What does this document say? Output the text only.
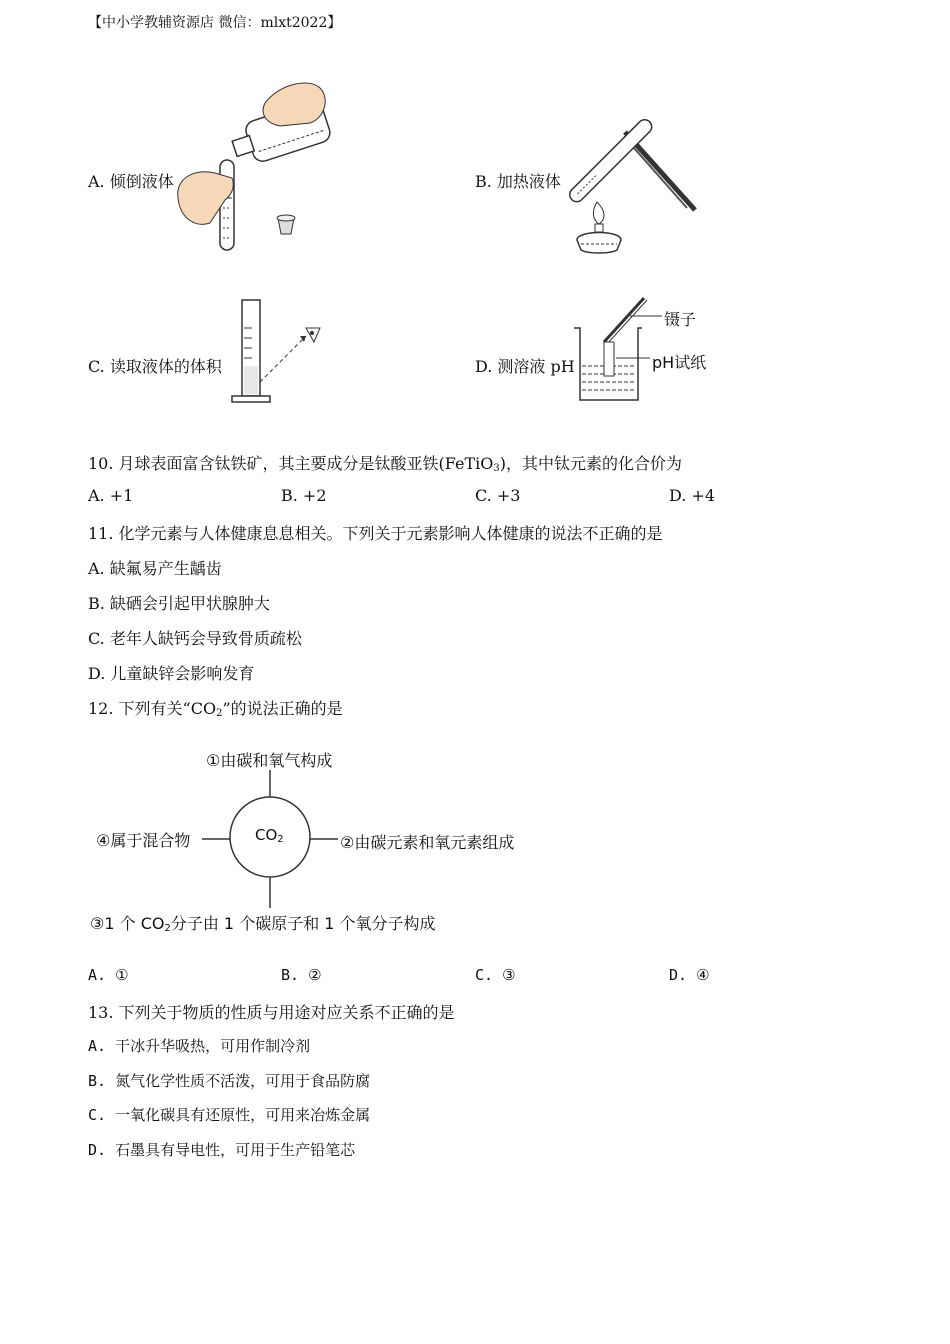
【中小学教辅资源店 微信：mlxt2022】
A. 倾倒液体	B. 加热液体
C. 读取液体的体积	D. 测溶液 pH
镊子
pH试纸
10. 月球表面富含钛铁矿，其主要成分是钛酸亚铁(FeTiO$_3$)，其中钛元素的化合价为
A. +1	B. +2	C. +3	D. +4
11. 化学元素与人体健康息息相关。下列关于元素影响人体健康的说法不正确的是
A. 缺氟易产生龋齿
B. 缺硒会引起甲状腺肿大
C. 老年人缺钙会导致骨质疏松
D. 儿童缺锌会影响发育
12. 下列有关“$CO_2$”的说法正确的是
$CO_2$
①由碳和氧气构成
②由碳元素和氧元素组成
④属于混合物
③1 个 $CO_2$分子由 1 个碳原子和 1 个氧分子构成
A. ①	B. ②	C. ③	D. ④
13. 下列关于物质的性质与用途对应关系不正确的是
A. 干冰升华吸热，可用作制冷剂
B. 氮气化学性质不活泼，可用于食品防腐
C. 一氧化碳具有还原性，可用来冶炼金属
D. 石墨具有导电性，可用于生产铅笔芯
